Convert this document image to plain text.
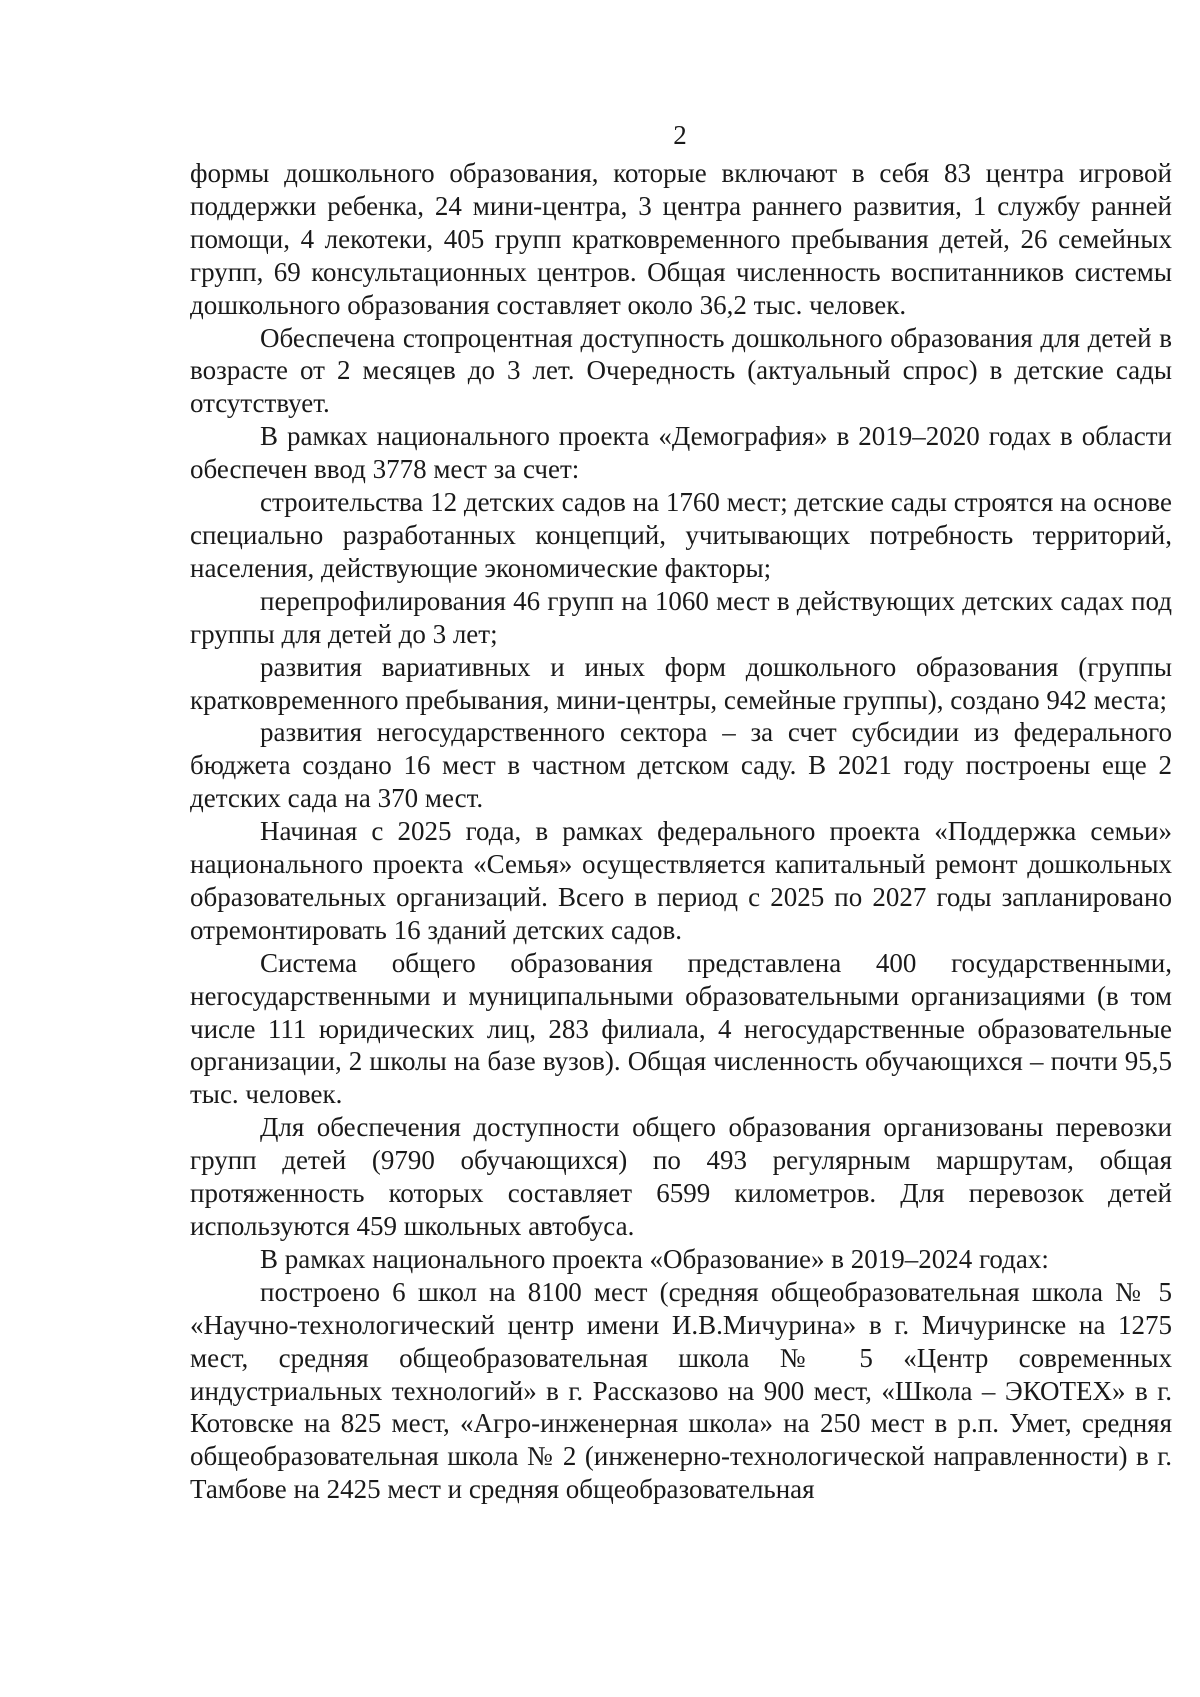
2

формы дошкольного образования, которые включают в себя 83 центра игровой поддержки ребенка, 24 мини-центра, 3 центра раннего развития, 1 службу ранней помощи, 4 лекотеки, 405 групп кратковременного пребывания детей, 26 семейных групп, 69 консультационных центров. Общая численность воспитанников системы дошкольного образования составляет около 36,2 тыс. человек.

Обеспечена стопроцентная доступность дошкольного образования для детей в возрасте от 2 месяцев до 3 лет. Очередность (актуальный спрос) в детские сады отсутствует.

В рамках национального проекта «Демография» в 2019–2020 годах в области обеспечен ввод 3778 мест за счет:

строительства 12 детских садов на 1760 мест; детские сады строятся на основе специально разработанных концепций, учитывающих потребность территорий, населения, действующие экономические факторы;

перепрофилирования 46 групп на 1060 мест в действующих детских садах под группы для детей до 3 лет;

развития вариативных и иных форм дошкольного образования (группы кратковременного пребывания, мини-центры, семейные группы), создано 942 места;

развития негосударственного сектора – за счет субсидии из федерального бюджета создано 16 мест в частном детском саду. В 2021 году построены еще 2 детских сада на 370 мест.

Начиная с 2025 года, в рамках федерального проекта «Поддержка семьи» национального проекта «Семья» осуществляется капитальный ремонт дошкольных образовательных организаций. Всего в период с 2025 по 2027 годы запланировано отремонтировать 16 зданий детских садов.

Система общего образования представлена 400 государственными, негосударственными и муниципальными образовательными организациями (в том числе 111 юридических лиц, 283 филиала, 4 негосударственные образовательные организации, 2 школы на базе вузов). Общая численность обучающихся – почти 95,5 тыс. человек.

Для обеспечения доступности общего образования организованы перевозки групп детей (9790 обучающихся) по 493 регулярным маршрутам, общая протяженность которых составляет 6599 километров. Для перевозок детей используются 459 школьных автобуса.

В рамках национального проекта «Образование» в 2019–2024 годах:

построено 6 школ на 8100 мест (средняя общеобразовательная школа № 5 «Научно-технологический центр имени И.В.Мичурина» в г. Мичуринске на 1275 мест, средняя общеобразовательная школа № 5 «Центр современных индустриальных технологий» в г. Рассказово на 900 мест, «Школа – ЭКОТЕХ» в г. Котовске на 825 мест, «Агро-инженерная школа» на 250 мест в р.п. Умет, средняя общеобразовательная школа № 2 (инженерно-технологической направленности) в г. Тамбове на 2425 мест и средняя общеобразовательная
